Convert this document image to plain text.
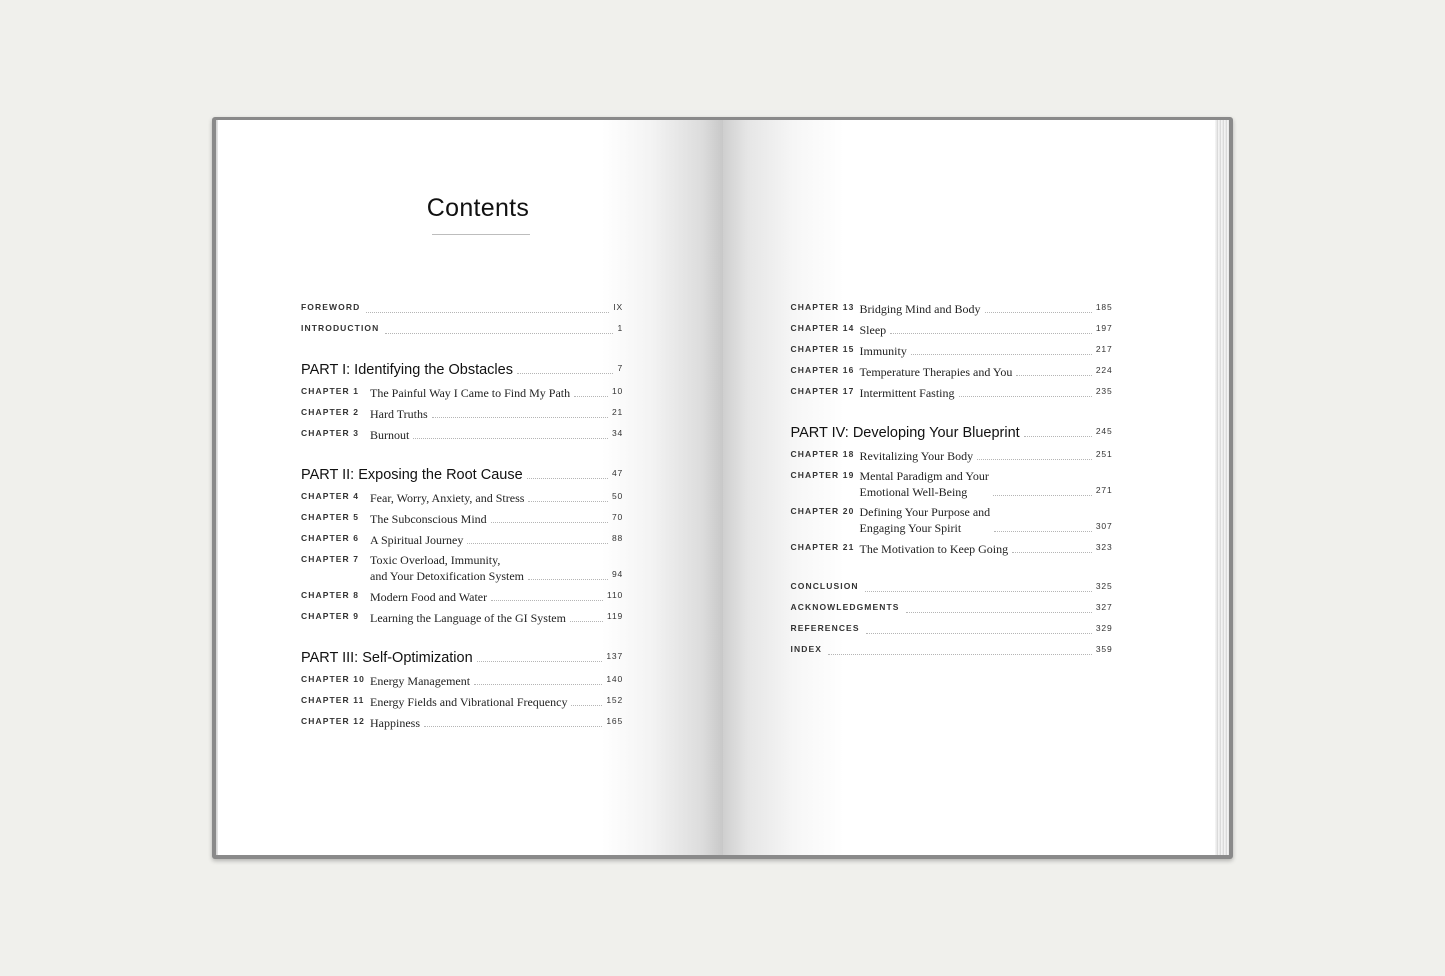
Contents
FOREWORD	IX
INTRODUCTION	1
PART I: Identifying the Obstacles	7
CHAPTER 1 The Painful Way I Came to Find My Path	10
CHAPTER 2 Hard Truths	21
CHAPTER 3 Burnout	34
PART II: Exposing the Root Cause	47
CHAPTER 4 Fear, Worry, Anxiety, and Stress	50
CHAPTER 5 The Subconscious Mind	70
CHAPTER 6 A Spiritual Journey	88
CHAPTER 7 Toxic Overload, Immunity,
and Your Detoxification System	94
CHAPTER 8 Modern Food and Water	110
CHAPTER 9 Learning the Language of the GI System	119
PART III: Self-Optimization	137
CHAPTER 10 Energy Management	140
CHAPTER 11 Energy Fields and Vibrational Frequency	152
CHAPTER 12 Happiness	165
CHAPTER 13 Bridging Mind and Body	185
CHAPTER 14 Sleep	197
CHAPTER 15 Immunity	217
CHAPTER 16 Temperature Therapies and You	224
CHAPTER 17 Intermittent Fasting	235
PART IV: Developing Your Blueprint	245
CHAPTER 18 Revitalizing Your Body	251
CHAPTER 19 Mental Paradigm and Your
Emotional Well-Being	271
CHAPTER 20 Defining Your Purpose and
Engaging Your Spirit	307
CHAPTER 21 The Motivation to Keep Going	323
CONCLUSION	325
ACKNOWLEDGMENTS	327
REFERENCES	329
INDEX	359
